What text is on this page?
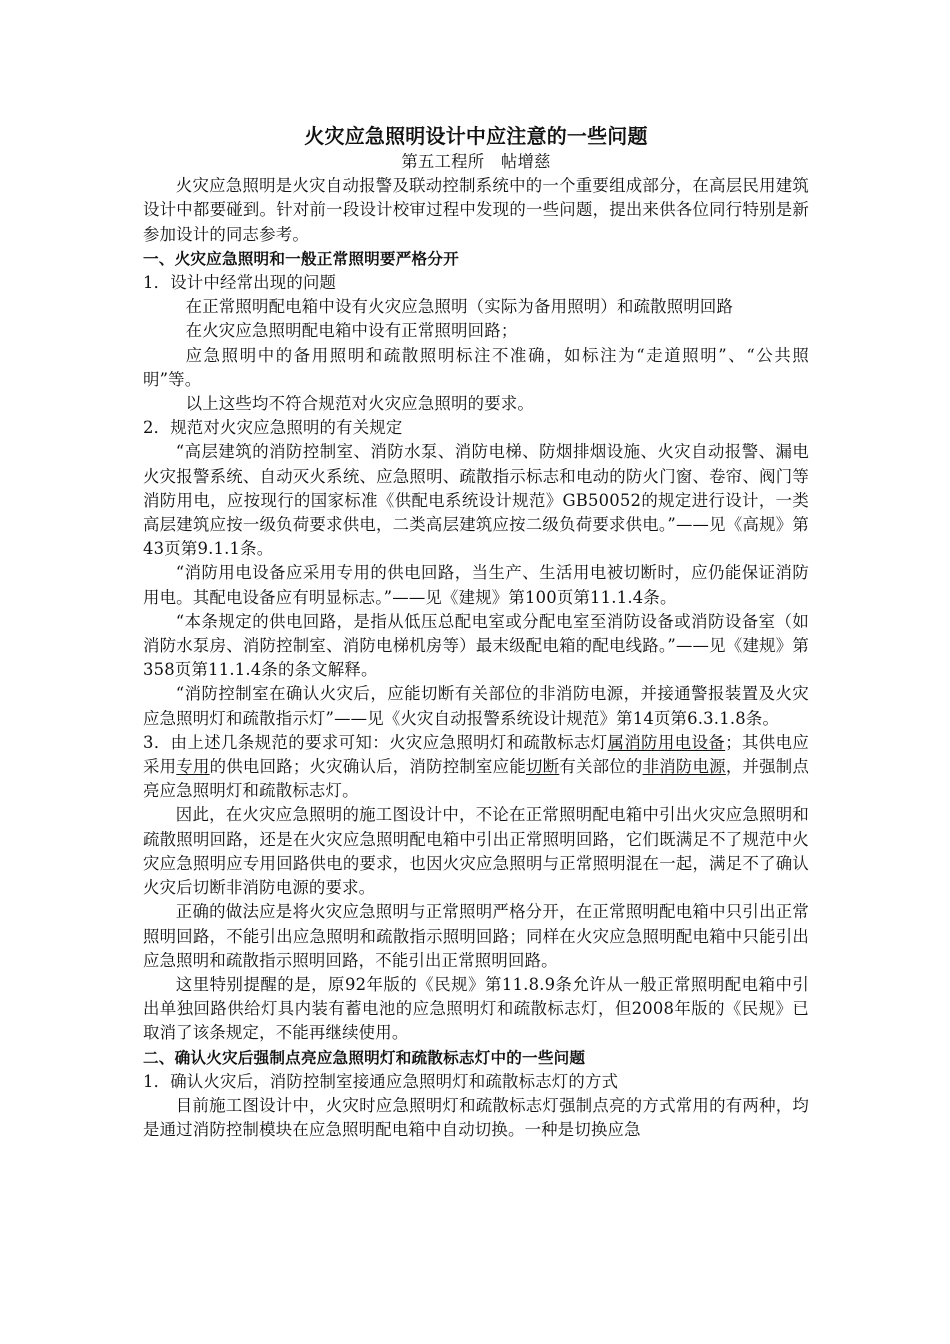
火灾应急照明设计中应注意的一些问题

第五工程所　帖增慈

火灾应急照明是火灾自动报警及联动控制系统中的一个重要组成部分，在高层民用建筑设计中都要碰到。针对前一段设计校审过程中发现的一些问题，提出来供各位同行特别是新参加设计的同志参考。

一、火灾应急照明和一般正常照明要严格分开

1．设计中经常出现的问题

在正常照明配电箱中设有火灾应急照明（实际为备用照明）和疏散照明回路

在火灾应急照明配电箱中设有正常照明回路；

应急照明中的备用照明和疏散照明标注不准确，如标注为“走道照明”、“公共照明”等。

以上这些均不符合规范对火灾应急照明的要求。

2．规范对火灾应急照明的有关规定

“高层建筑的消防控制室、消防水泵、消防电梯、防烟排烟设施、火灾自动报警、漏电火灾报警系统、自动灭火系统、应急照明、疏散指示标志和电动的防火门窗、卷帘、阀门等消防用电，应按现行的国家标准《供配电系统设计规范》GB50052的规定进行设计，一类高层建筑应按一级负荷要求供电，二类高层建筑应按二级负荷要求供电。”——见《高规》第43页第9.1.1条。

“消防用电设备应采用专用的供电回路，当生产、生活用电被切断时，应仍能保证消防用电。其配电设备应有明显标志。”——见《建规》第100页第11.1.4条。

“本条规定的供电回路，是指从低压总配电室或分配电室至消防设备或消防设备室（如消防水泵房、消防控制室、消防电梯机房等）最末级配电箱的配电线路。”——见《建规》第358页第11.1.4条的条文解释。

“消防控制室在确认火灾后，应能切断有关部位的非消防电源，并接通警报装置及火灾应急照明灯和疏散指示灯”——见《火灾自动报警系统设计规范》第14页第6.3.1.8条。

3．由上述几条规范的要求可知：火灾应急照明灯和疏散标志灯属消防用电设备；其供电应采用专用的供电回路；火灾确认后，消防控制室应能切断有关部位的非消防电源，并强制点亮应急照明灯和疏散标志灯。

因此，在火灾应急照明的施工图设计中，不论在正常照明配电箱中引出火灾应急照明和疏散照明回路，还是在火灾应急照明配电箱中引出正常照明回路，它们既满足不了规范中火灾应急照明应专用回路供电的要求，也因火灾应急照明与正常照明混在一起，满足不了确认火灾后切断非消防电源的要求。

正确的做法应是将火灾应急照明与正常照明严格分开，在正常照明配电箱中只引出正常照明回路，不能引出应急照明和疏散指示照明回路；同样在火灾应急照明配电箱中只能引出应急照明和疏散指示照明回路，不能引出正常照明回路。

这里特别提醒的是，原92年版的《民规》第11.8.9条允许从一般正常照明配电箱中引出单独回路供给灯具内装有蓄电池的应急照明灯和疏散标志灯，但2008年版的《民规》已取消了该条规定，不能再继续使用。

二、确认火灾后强制点亮应急照明灯和疏散标志灯中的一些问题

1．确认火灾后，消防控制室接通应急照明灯和疏散标志灯的方式

目前施工图设计中，火灾时应急照明灯和疏散标志灯强制点亮的方式常用的有两种，均是通过消防控制模块在应急照明配电箱中自动切换。一种是切换应急
